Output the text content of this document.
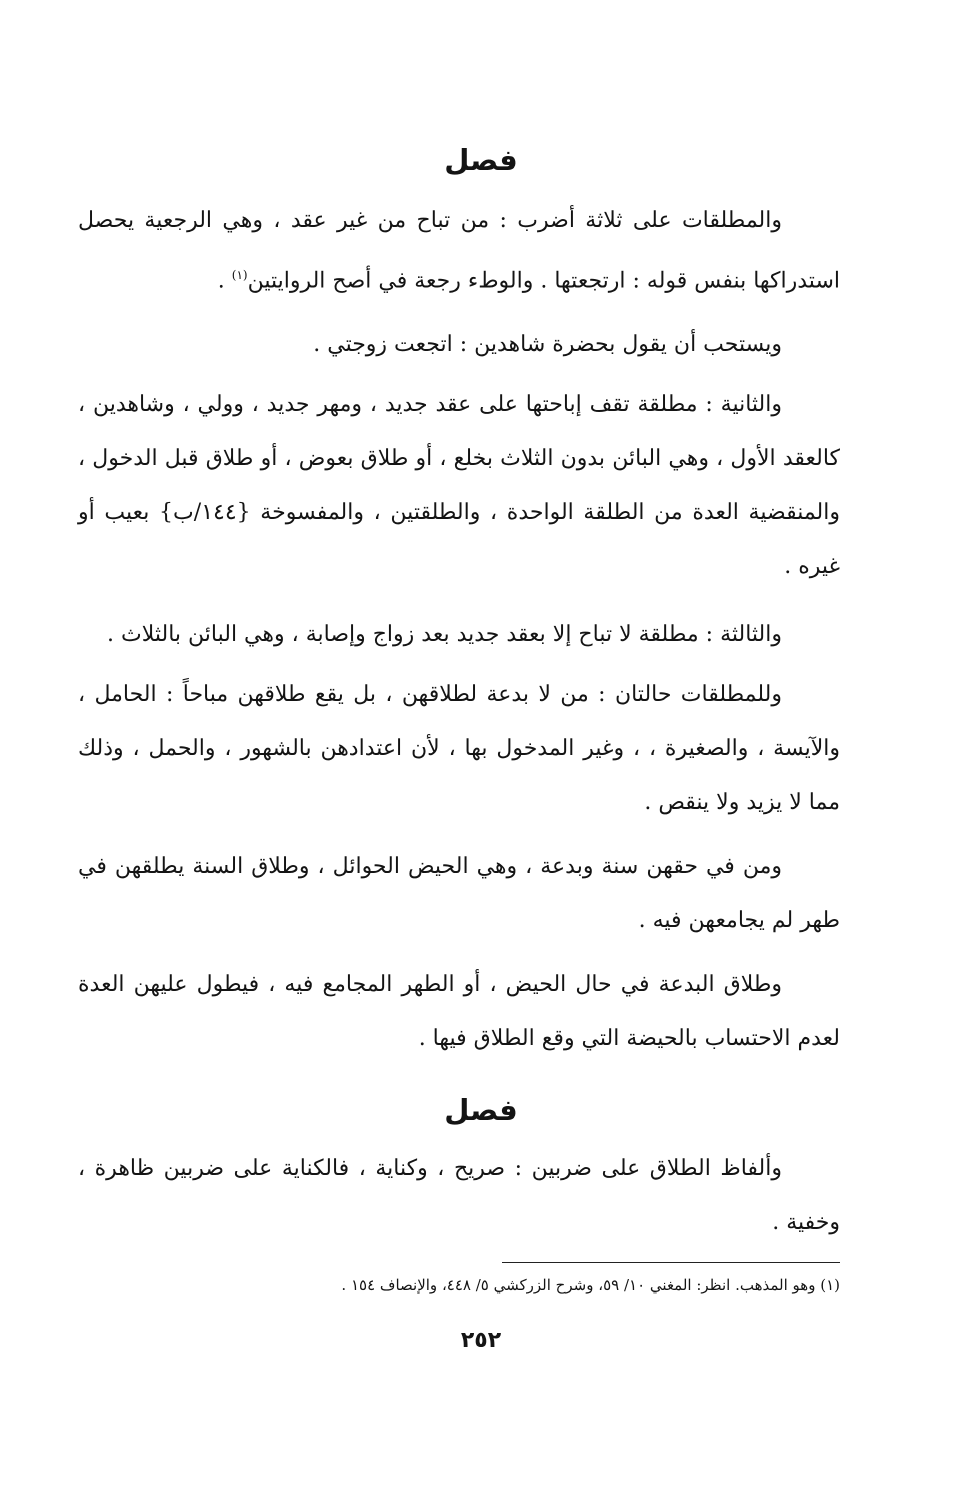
فصل

والمطلقات على ثلاثة أضرب : من تباح من غير عقد ، وهي الرجعية يحصل استدراكها بنفس قوله : ارتجعتها . والوطء رجعة في أصح الروايتين$^{(١)}$ .

ويستحب أن يقول بحضرة شاهدين : اتجعت زوجتي .

والثانية : مطلقة تقف إباحتها على عقد جديد ، ومهر جديد ، وولي ، وشاهدين ، كالعقد الأول ، وهي البائن بدون الثلاث بخلع ، أو طلاق بعوض ، أو طلاق قبل الدخول ، والمنقضية العدة من الطلقة الواحدة ، والطلقتين ، والمفسوخة {١٤٤/ب} بعيب أو غيره .

والثالثة : مطلقة لا تباح إلا بعقد جديد بعد زواج وإصابة ، وهي البائن بالثلاث .

وللمطلقات حالتان : من لا بدعة لطلاقهن ، بل يقع طلاقهن مباحاً : الحامل ، والآيسة ، والصغيرة ، ، وغير المدخول بها ، لأن اعتدادهن بالشهور ، والحمل ، وذلك مما لا يزيد ولا ينقص .

ومن في حقهن سنة وبدعة ، وهي الحيض الحوائل ، وطلاق السنة يطلقهن في طهر لم يجامعهن فيه .

وطلاق البدعة في حال الحيض ، أو الطهر المجامع فيه ، فيطول عليهن العدة لعدم الاحتساب بالحيضة التي وقع الطلاق فيها .

فصل

وألفاظ الطلاق على ضربين : صريح ، وكناية ، فالكناية على ضربين ظاهرة ، وخفية .

(١) وهو المذهب. انظر: المغني ١٠/ ٥٩، وشرح الزركشي ٥/ ٤٤٨، والإنصاف ١٥٤ .
٢٥٢
